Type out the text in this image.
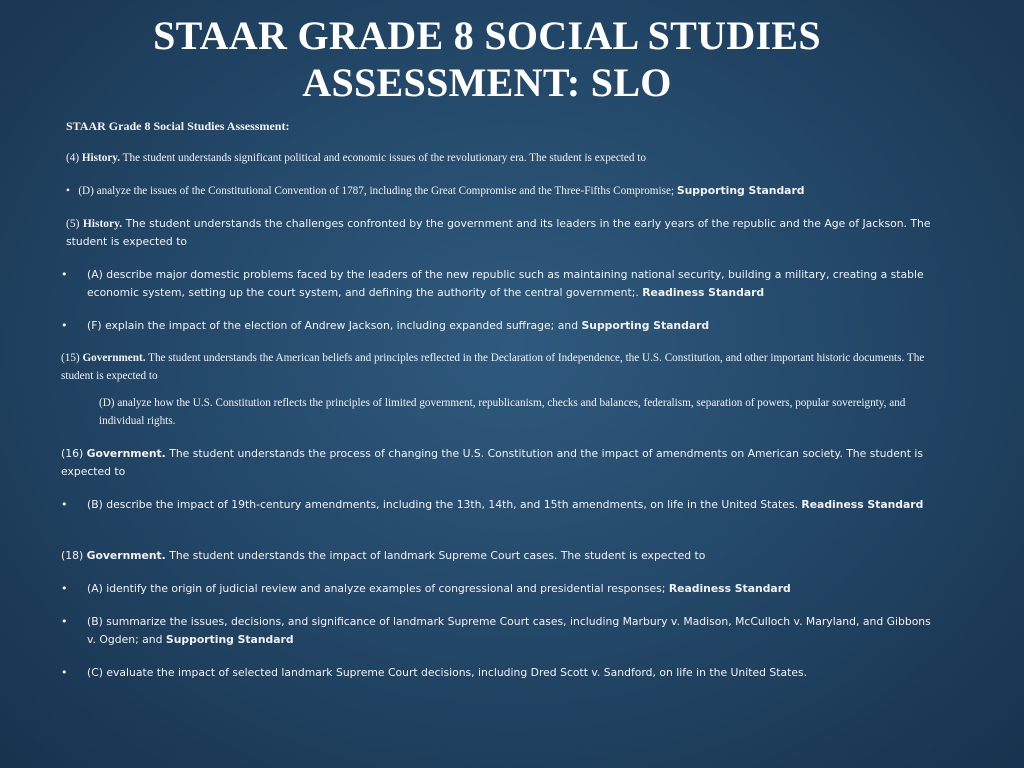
STAAR GRADE 8 SOCIAL STUDIES
ASSESSMENT: SLO
STAAR Grade 8 Social Studies Assessment:
(4) History. The student understands significant political and economic issues of the revolutionary era. The student is expected to
• (D) analyze the issues of the Constitutional Convention of 1787, including the Great Compromise and the Three-Fifths Compromise; Supporting Standard
(5) History. The student understands the challenges confronted by the government and its leaders in the early years of the republic and the Age of Jackson. The student is expected to
• (A) describe major domestic problems faced by the leaders of the new republic such as maintaining national security, building a military, creating a stable economic system, setting up the court system, and defining the authority of the central government;. Readiness Standard
• (F) explain the impact of the election of Andrew Jackson, including expanded suffrage; and Supporting Standard
(15) Government. The student understands the American beliefs and principles reflected in the Declaration of Independence, the U.S. Constitution, and other important historic documents. The student is expected to
(D) analyze how the U.S. Constitution reflects the principles of limited government, republicanism, checks and balances, federalism, separation of powers, popular sovereignty, and individual rights.
(16) Government. The student understands the process of changing the U.S. Constitution and the impact of amendments on American society. The student is expected to
• (B) describe the impact of 19th-century amendments, including the 13th, 14th, and 15th amendments, on life in the United States. Readiness Standard
(18) Government. The student understands the impact of landmark Supreme Court cases. The student is expected to
• (A) identify the origin of judicial review and analyze examples of congressional and presidential responses; Readiness Standard
• (B) summarize the issues, decisions, and significance of landmark Supreme Court cases, including Marbury v. Madison, McCulloch v. Maryland, and Gibbons v. Ogden; and Supporting Standard
• (C) evaluate the impact of selected landmark Supreme Court decisions, including Dred Scott v. Sandford, on life in the United States.
